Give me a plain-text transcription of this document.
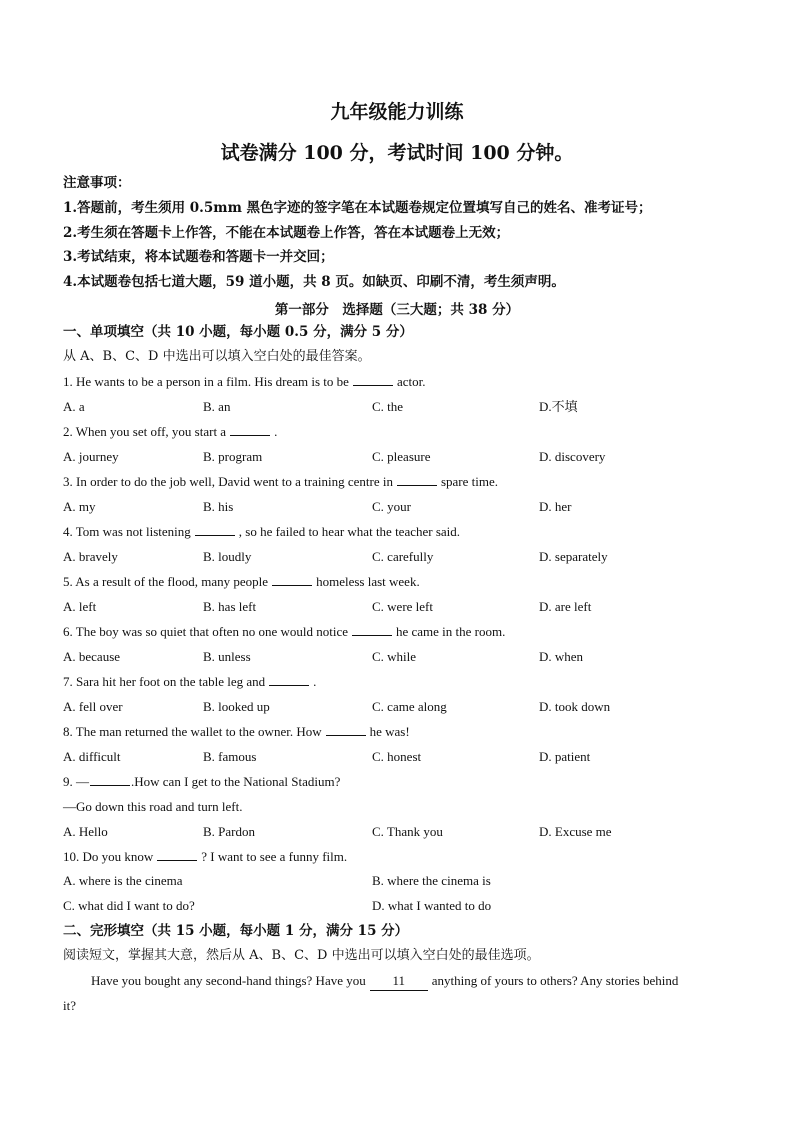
九年级能力训练
试卷满分 100 分，考试时间 100 分钟。
注意事项：
1.答题前，考生须用 0.5mm 黑色字迹的签字笔在本试题卷规定位置填写自己的姓名、准考证号；
2.考生须在答题卡上作答，不能在本试题卷上作答，答在本试题卷上无效；
3.考试结束，将本试题卷和答题卡一并交回；
4.本试题卷包括七道大题，59 道小题，共 8 页。如缺页、印刷不清，考生须声明。
第一部分　选择题（三大题；共 38 分）
一、单项填空（共 10 小题，每小题 0.5 分，满分 5 分）
从 A、B、C、D 中选出可以填入空白处的最佳答案。
1. He wants to be a person in a film. His dream is to be	actor.
A. a	B. an	C. the	D.不填
2. When you set off, you start a	.
A. journey	B. program	C. pleasure	D. discovery
3. In order to do the job well, David went to a training centre in	spare time.
A. my	B. his	C. your	D. her
4. Tom was not listening	, so he failed to hear what the teacher said.
A. bravely	B. loudly	C. carefully	D. separately
5. As a result of the flood, many people	homeless last week.
A. left	B. has left	C. were left	D. are left
6. The boy was so quiet that often no one would notice	he came in the room.
A. because	B. unless	C. while	D. when
7. Sara hit her foot on the table leg and	.
A. fell over	B. looked up	C. came along	D. took down
8. The man returned the wallet to the owner. How	he was!
A. difficult	B. famous	C. honest	D. patient
9. —	.How can I get to the National Stadium?
—Go down this road and turn left.
A. Hello	B. Pardon	C. Thank you	D. Excuse me
10. Do you know	? I want to see a funny film.
A. where is the cinema	B. where the cinema is
C. what did I want to do?	D. what I wanted to do
二、完形填空（共 15 小题，每小题 1 分，满分 15 分）
阅读短文，掌握其大意，然后从 A、B、C、D 中选出可以填入空白处的最佳选项。
Have you bought any second-hand things? Have you 11 anything of yours to others? Any stories behind
it?
